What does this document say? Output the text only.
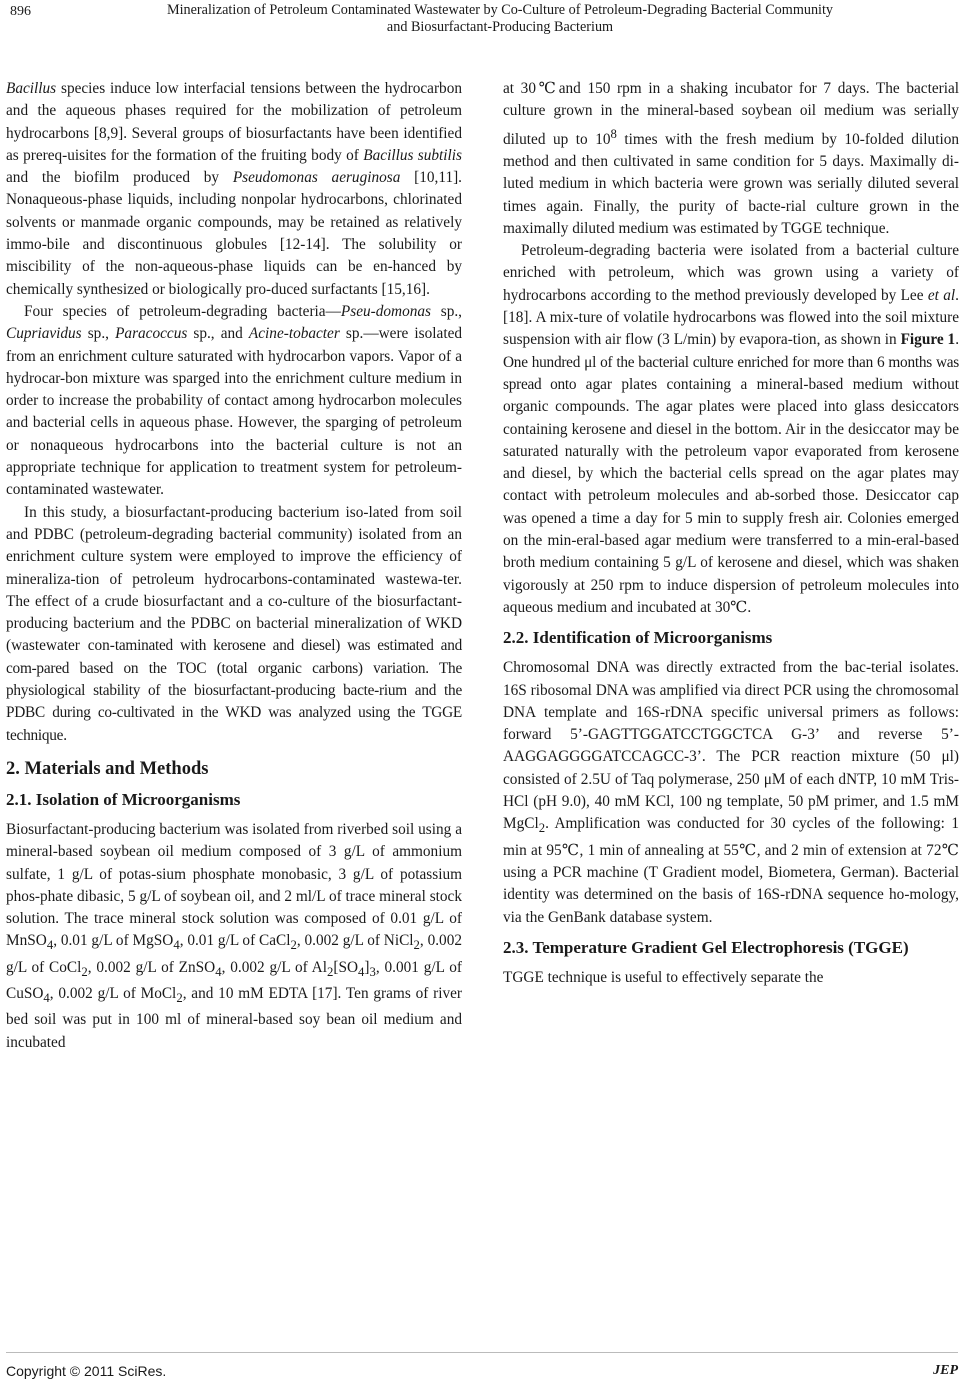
896	Mineralization of Petroleum Contaminated Wastewater by Co-Culture of Petroleum-Degrading Bacterial Community
and Biosurfactant-Producing Bacterium

Bacillus species induce low interfacial tensions between the hydrocarbon and the aqueous phases required for the mobilization of petroleum hydrocarbons [8,9]. Several groups of biosurfactants have been identified as prereq-uisites for the formation of the fruiting body of Bacillus subtilis and the biofilm produced by Pseudomonas aeruginosa [10,11]. Nonaqueous-phase liquids, including nonpolar hydrocarbons, chlorinated solvents or manmade organic compounds, may be retained as relatively immo-bile and discontinuous globules [12-14]. The solubility or miscibility of the non-aqueous-phase liquids can be en-hanced by chemically synthesized or biologically pro-duced surfactants [15,16].

Four species of petroleum-degrading bacteria—Pseu-domonas sp., Cupriavidus sp., Paracoccus sp., and Acine-tobacter sp.—were isolated from an enrichment culture saturated with hydrocarbon vapors. Vapor of a hydrocar-bon mixture was sparged into the enrichment culture medium in order to increase the probability of contact among hydrocarbon molecules and bacterial cells in aqueous phase. However, the sparging of petroleum or nonaqueous hydrocarbons into the bacterial culture is not an appropriate technique for application to treatment system for petroleum-contaminated wastewater.

In this study, a biosurfactant-producing bacterium iso-lated from soil and PDBC (petroleum-degrading bacterial community) isolated from an enrichment culture system were employed to improve the efficiency of mineraliza-tion of petroleum hydrocarbons-contaminated wastewa-ter. The effect of a crude biosurfactant and a co-culture of the biosurfactant-producing bacterium and the PDBC on bacterial mineralization of WKD (wastewater con-taminated with kerosene and diesel) was estimated and com-pared based on the TOC (total organic carbons) variation. The physiological stability of the biosurfactant-producing bacte-rium and the PDBC during co-cultivated in the WKD was analyzed using the TGGE technique.

2. Materials and Methods
2.1. Isolation of Microorganisms

Biosurfactant-producing bacterium was isolated from riverbed soil using a mineral-based soybean oil medium composed of 3 g/L of ammonium sulfate, 1 g/L of potas-sium phosphate monobasic, 3 g/L of potassium phos-phate dibasic, 5 g/L of soybean oil, and 2 ml/L of trace mineral stock solution. The trace mineral stock solution was composed of 0.01 g/L of MnSO$_4$, 0.01 g/L of MgSO$_4$, 0.01 g/L of CaCl$_2$, 0.002 g/L of NiCl$_2$, 0.002 g/L of CoCl$_2$, 0.002 g/L of ZnSO$_4$, 0.002 g/L of $Al_2[SO_4]_3$, 0.001 g/L of CuSO$_4$, 0.002 g/L of MoCl$_2$, and 10 mM EDTA [17]. Ten grams of river bed soil was put in 100 ml of mineral-based soy bean oil medium and incubated

at 30℃and 150 rpm in a shaking incubator for 7 days. The bacterial culture grown in the mineral-based soybean oil medium was serially diluted up to $10^8$ times with the fresh medium by 10-folded dilution method and then cultivated in same condition for 5 days. Maximally di-luted medium in which bacteria were grown was serially diluted several times again. Finally, the purity of bacte-rial culture grown in the maximally diluted medium was estimated by TGGE technique.

Petroleum-degrading bacteria were isolated from a bacterial culture enriched with petroleum, which was grown using a variety of hydrocarbons according to the method previously developed by Lee et al. [18]. A mix-ture of volatile hydrocarbons was flowed into the soil mixture suspension with air flow (3 L/min) by evapora-tion, as shown in Figure 1. One hundred μl of the bacterial culture enriched for more than 6 months was spread onto agar plates containing a mineral-based medium without organic compounds. The agar plates were placed into glass desiccators containing kerosene and diesel in the bottom. Air in the desiccator may be saturated naturally with the petroleum vapor evaporated from kerosene and diesel, by which the bacterial cells spread on the agar plates may contact with petroleum molecules and ab-sorbed those. Desiccator cap was opened a time a day for 5 min to supply fresh air. Colonies emerged on the min-eral-based agar medium were transferred to a min-eral-based broth medium containing 5 g/L of kerosene and diesel, which was shaken vigorously at 250 rpm to induce dispersion of petroleum molecules into aqueous medium and incubated at 30℃.

2.2. Identification of Microorganisms

Chromosomal DNA was directly extracted from the bac-terial isolates. 16S ribosomal DNA was amplified via direct PCR using the chromosomal DNA template and 16S-rDNA specific universal primers as follows: forward 5’-GAGTTGGATCCTGGCTCA G-3’ and reverse 5’-AAGGAGGGGATCCAGCC-3’. The PCR reaction mixture (50 μl) consisted of 2.5U of Taq polymerase, 250 μM of each dNTP, 10 mM Tris-HCl (pH 9.0), 40 mM KCl, 100 ng template, 50 pM primer, and 1.5 mM MgCl$_2$. Amplification was conducted for 30 cycles of the following: 1 min at 95℃, 1 min of annealing at 55℃, and 2 min of extension at 72℃ using a PCR machine (T Gradient model, Biometera, German). Bacterial identity was determined on the basis of 16S-rDNA sequence ho-mology, via the GenBank database system.

2.3. Temperature Gradient Gel Electrophoresis (TGGE)

TGGE technique is useful to effectively separate the

Copyright © 2011 SciRes.	JEP
